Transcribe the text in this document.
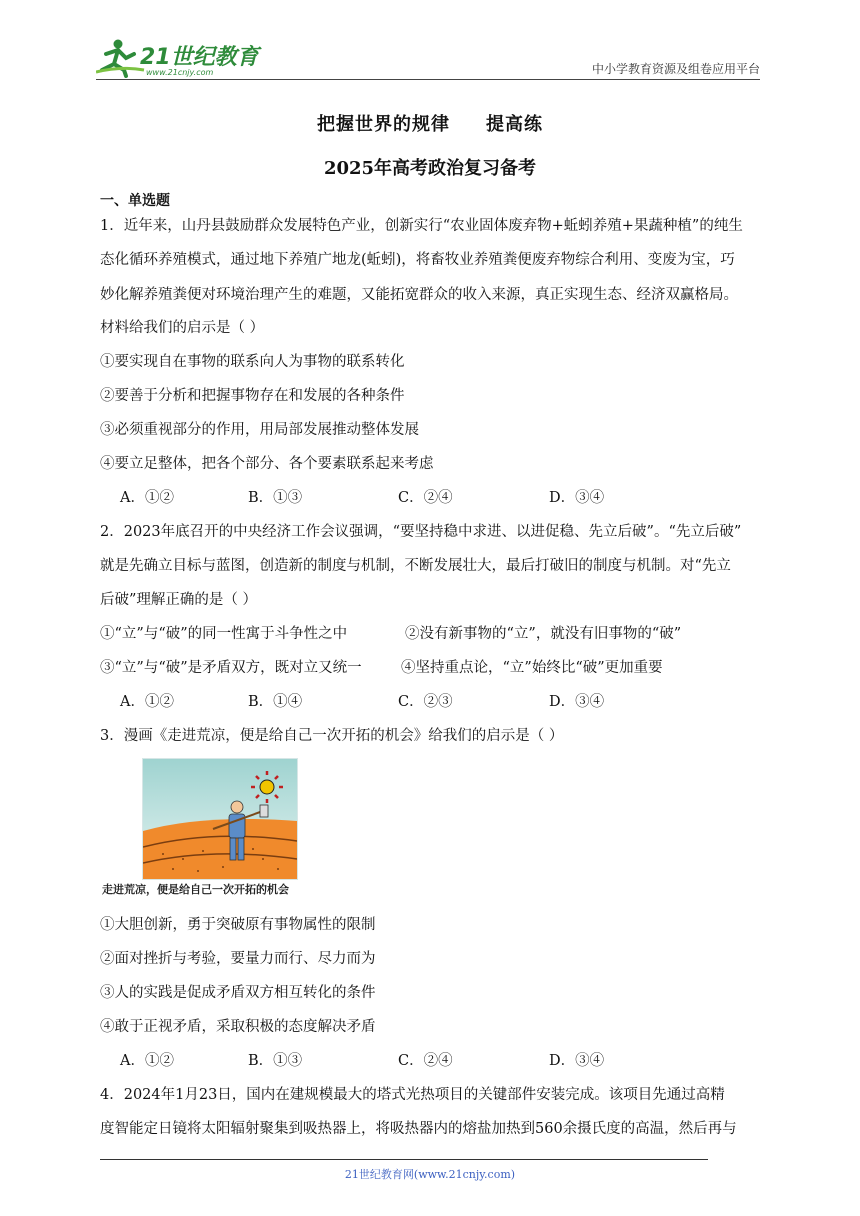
21世纪教育
www.21cnjy.com	中小学教育资源及组卷应用平台
把握世界的规律 提高练
2025年高考政治复习备考
一、单选题
1．近年来，山丹县鼓励群众发展特色产业，创新实行“农业固体废弃物+蚯蚓养殖+果蔬种植”的纯生
态化循环养殖模式，通过地下养殖广地龙(蚯蚓)，将畜牧业养殖粪便废弃物综合利用、变废为宝，巧
妙化解养殖粪便对环境治理产生的难题，又能拓宽群众的收入来源，真正实现生态、经济双赢格局。
材料给我们的启示是（ ）
①要实现自在事物的联系向人为事物的联系转化
②要善于分析和把握事物存在和发展的各种条件
③必须重视部分的作用，用局部发展推动整体发展
④要立足整体，把各个部分、各个要素联系起来考虑
A．①②	B．①③	C．②④	D．③④
2．2023年底召开的中央经济工作会议强调，“要坚持稳中求进、以进促稳、先立后破”。“先立后破”
就是先确立目标与蓝图，创造新的制度与机制，不断发展壮大，最后打破旧的制度与机制。对“先立
后破”理解正确的是（ ）
①“立”与“破”的同一性寓于斗争性之中	②没有新事物的“立”，就没有旧事物的“破”
③“立”与“破”是矛盾双方，既对立又统一	④坚持重点论，“立”始终比“破”更加重要
A．①②	B．①④	C．②③	D．③④
3．漫画《走进荒凉，便是给自己一次开拓的机会》给我们的启示是（ ）
走进荒凉，便是给自己一次开拓的机会
①大胆创新，勇于突破原有事物属性的限制
②面对挫折与考验，要量力而行、尽力而为
③人的实践是促成矛盾双方相互转化的条件
④敢于正视矛盾，采取积极的态度解决矛盾
A．①②	B．①③	C．②④	D．③④
4．2024年1月23日，国内在建规模最大的塔式光热项目的关键部件安装完成。该项目先通过高精
度智能定日镜将太阳辐射聚集到吸热器上，将吸热器内的熔盐加热到560余摄氏度的高温，然后再与
21世纪教育网(www.21cnjy.com)
